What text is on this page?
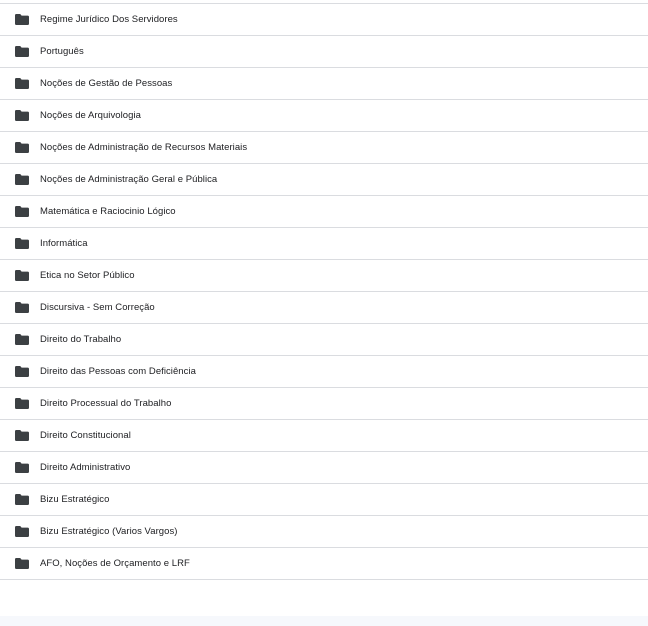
Regime Jurídico Dos Servidores
Português
Noções de Gestão de Pessoas
Noções de Arquivologia
Noções de Administração de Recursos Materiais
Noções de Administração Geral e Pública
Matemática e Raciocinio Lógico
Informática
Etica no Setor Público
Discursiva - Sem Correção
Direito do Trabalho
Direito das Pessoas com Deficiência
Direito Processual do Trabalho
Direito Constitucional
Direito Administrativo
Bizu Estratégico
Bizu Estratégico (Varios Vargos)
AFO, Noções de Orçamento e LRF
